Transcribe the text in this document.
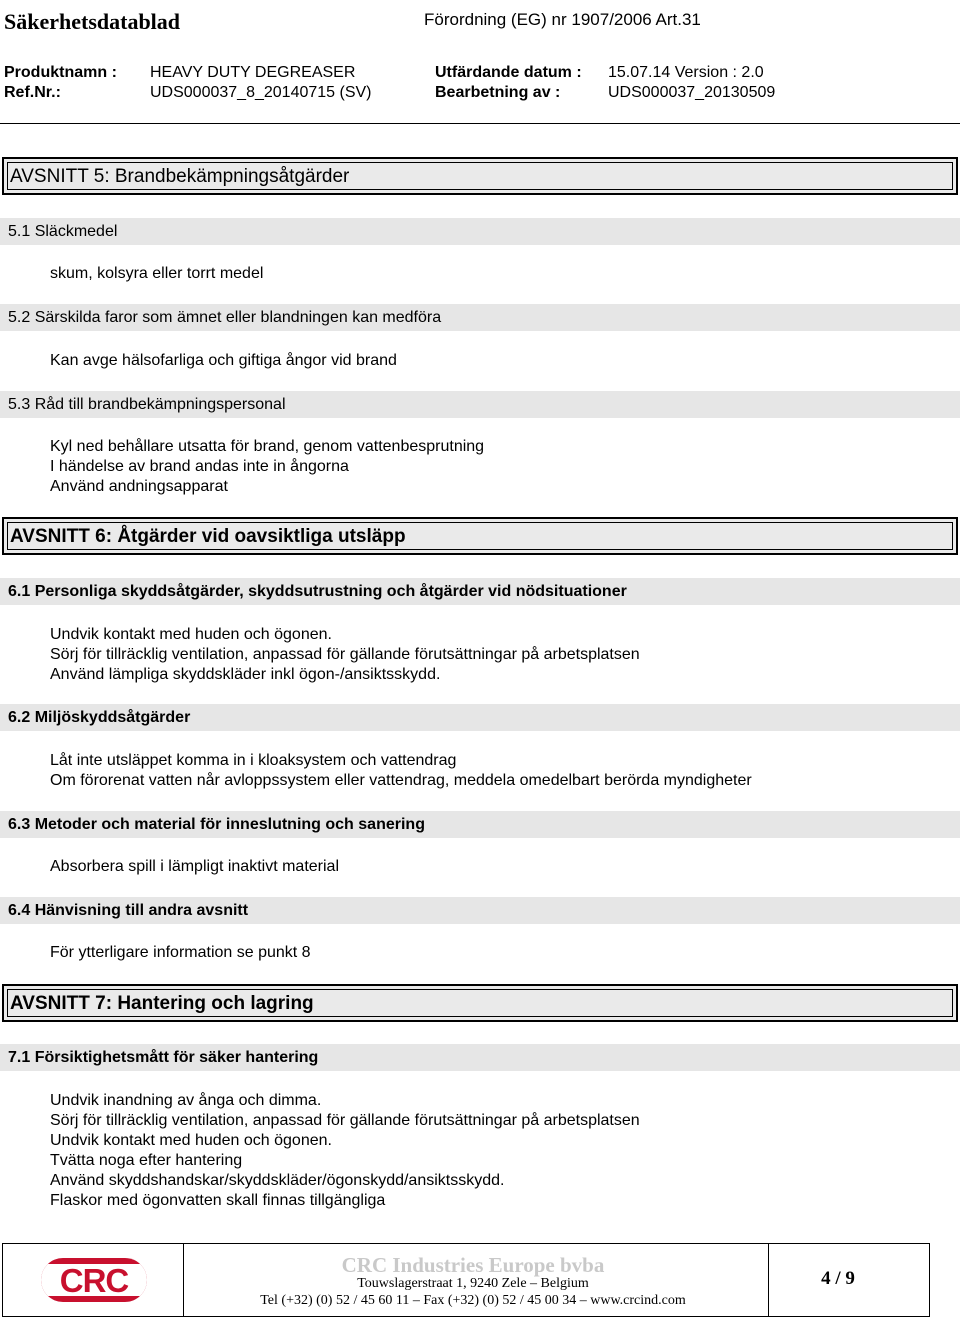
Säkerhetsdatablad	Förordning (EG) nr 1907/2006 Art.31
Produktnamn : HEAVY DUTY DEGREASER	Utfärdande datum : 15.07.14 Version : 2.0
Ref.Nr.:	UDS000037_8_20140715 (SV)	Bearbetning av :	UDS000037_20130509
AVSNITT 5: Brandbekämpningsåtgärder
5.1 Släckmedel
skum, kolsyra eller torrt medel
5.2 Särskilda faror som ämnet eller blandningen kan medföra
Kan avge hälsofarliga och giftiga ångor vid brand
5.3 Råd till brandbekämpningspersonal
Kyl ned behållare utsatta för brand, genom vattenbesprutning
I händelse av brand andas inte in ångorna
Använd andningsapparat
AVSNITT 6: Åtgärder vid oavsiktliga utsläpp
6.1 Personliga skyddsåtgärder, skyddsutrustning och åtgärder vid nödsituationer
Undvik kontakt med huden och ögonen.
Sörj för tillräcklig ventilation, anpassad för gällande förutsättningar på arbetsplatsen
Använd lämpliga skyddskläder inkl ögon-/ansiktsskydd.
6.2 Miljöskyddsåtgärder
Låt inte utsläppet komma in i kloaksystem och vattendrag
Om förorenat vatten når avloppssystem eller vattendrag, meddela omedelbart berörda myndigheter
6.3 Metoder och material för inneslutning och sanering
Absorbera spill i lämpligt inaktivt material
6.4 Hänvisning till andra avsnitt
För ytterligare information se punkt 8
AVSNITT 7: Hantering och lagring
7.1 Försiktighetsmått för säker hantering
Undvik inandning av ånga och dimma.
Sörj för tillräcklig ventilation, anpassad för gällande förutsättningar på arbetsplatsen
Undvik kontakt med huden och ögonen.
Tvätta noga efter hantering
Använd skyddshandskar/skyddskläder/ögonskydd/ansiktsskydd.
Flaskor med ögonvatten skall finnas tillgängliga
CRC	CRC Industries Europe bvba
Touwslagerstraat 1, 9240 Zele – Belgium
Tel (+32) (0) 52 / 45 60 11 – Fax (+32) (0) 52 / 45 00 34 – www.crcind.com
4 / 9
